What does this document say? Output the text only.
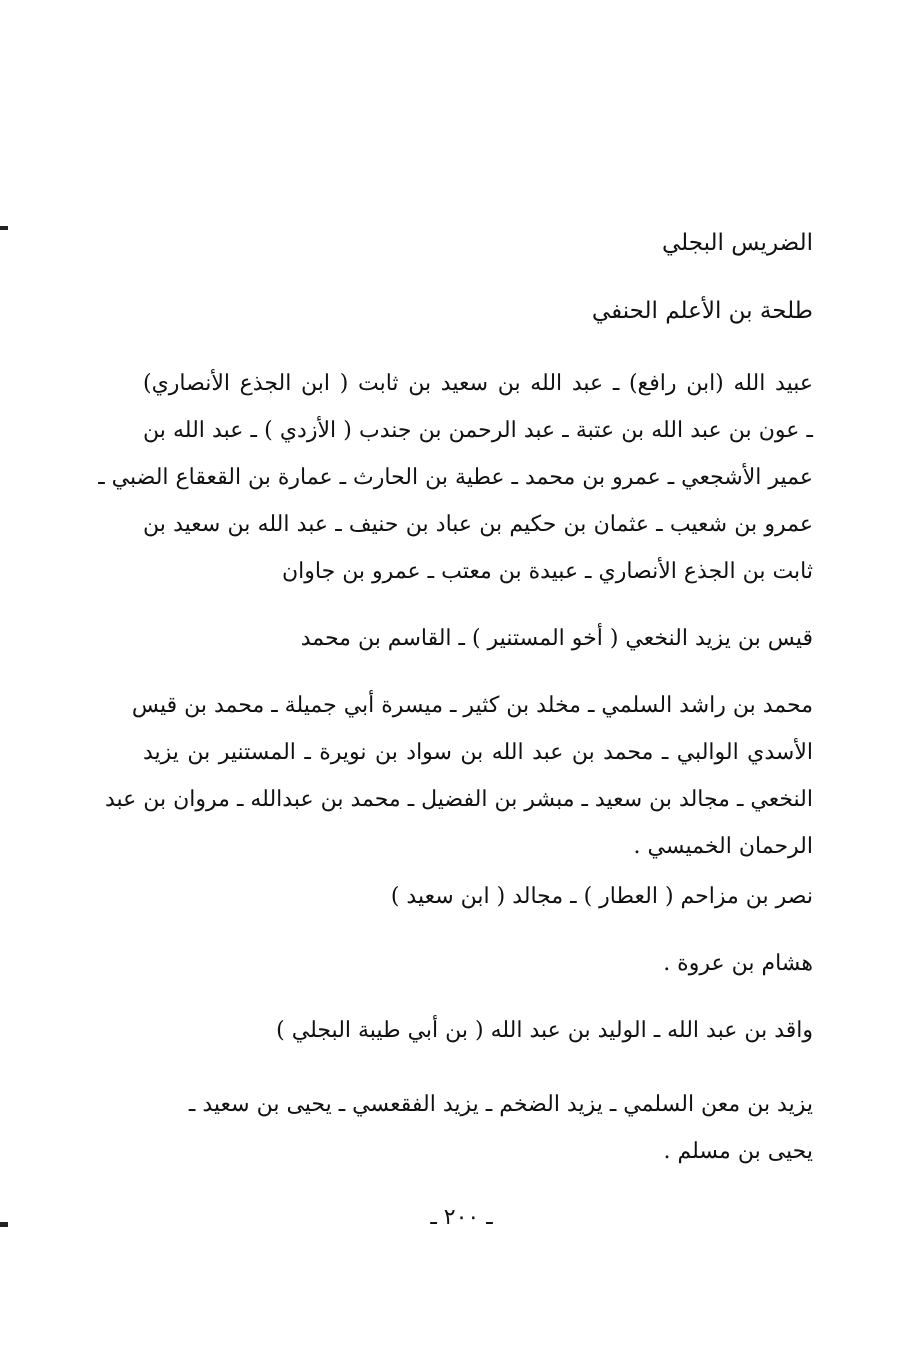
الضريس البجلي
طلحة بن الأعلم الحنفي
عبيد الله (ابن رافع) ـ عبد الله بن سعيد بن ثابت ( ابن الجذع الأنصاري)
ـ عون بن عبد الله بن عتبة ـ عبد الرحمن بن جندب ( الأزدي ) ـ عبد الله بن
عمير الأشجعي ـ عمرو بن محمد ـ عطية بن الحارث ـ عمارة بن القعقاع الضبي ـ
عمرو بن شعيب ـ عثمان بن حكيم بن عباد بن حنيف ـ عبد الله بن سعيد بن
ثابت بن الجذع الأنصاري ـ عبيدة بن معتب ـ عمرو بن جاوان
قيس بن يزيد النخعي ( أخو المستنير ) ـ القاسم بن محمد
محمد بن راشد السلمي ـ مخلد بن كثير ـ ميسرة أبي جميلة ـ محمد بن قيس
الأسدي الوالبي ـ محمد بن عبد الله بن سواد بن نويرة ـ المستنير بن يزيد
النخعي ـ مجالد بن سعيد ـ مبشر بن الفضيل ـ محمد بن عبدالله ـ مروان بن عبد
الرحمان الخميسي .
نصر بن مزاحم ( العطار ) ـ مجالد ( ابن سعيد )
هشام بن عروة .
واقد بن عبد الله ـ الوليد بن عبد الله ( بن أبي طيبة البجلي )
يزيد بن معن السلمي ـ يزيد الضخم ـ يزيد الفقعسي ـ يحيى بن سعيد ـ
يحيى بن مسلم .
ـ ٢٠٠ ـ
